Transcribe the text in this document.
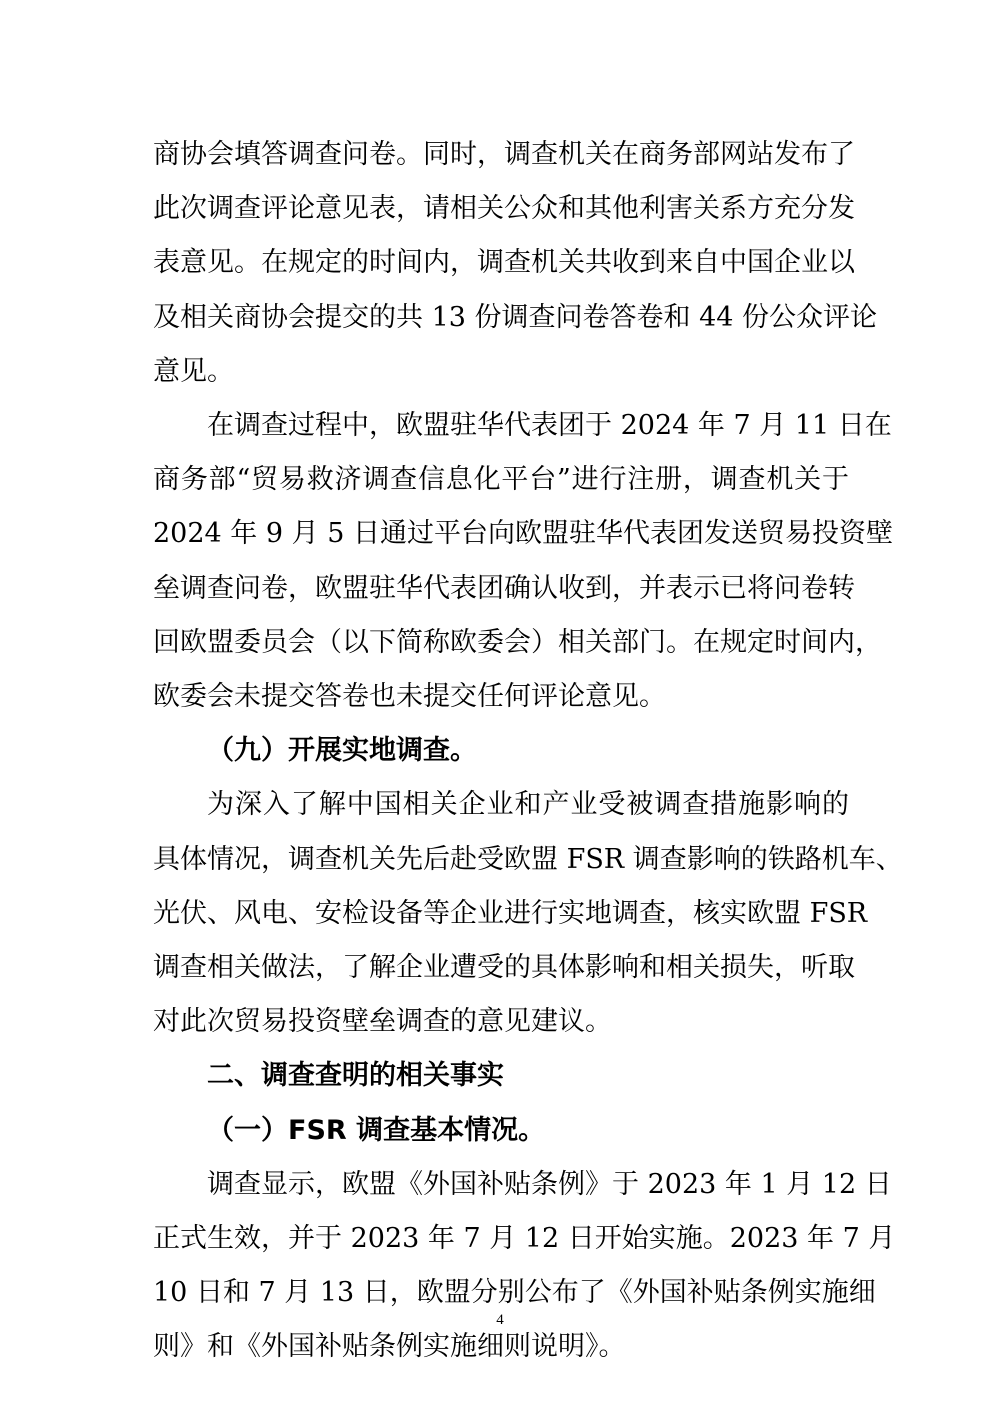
商协会填答调查问卷。同时，调查机关在商务部网站发布了
此次调查评论意见表，请相关公众和其他利害关系方充分发
表意见。在规定的时间内，调查机关共收到来自中国企业以
及相关商协会提交的共 13 份调查问卷答卷和 44 份公众评论
意见。
在调查过程中，欧盟驻华代表团于 2024 年 7 月 11 日在
商务部“贸易救济调查信息化平台”进行注册，调查机关于
2024 年 9 月 5 日通过平台向欧盟驻华代表团发送贸易投资壁
垒调查问卷，欧盟驻华代表团确认收到，并表示已将问卷转
回欧盟委员会（以下简称欧委会）相关部门。在规定时间内，
欧委会未提交答卷也未提交任何评论意见。
（九）开展实地调查。
为深入了解中国相关企业和产业受被调查措施影响的
具体情况，调查机关先后赴受欧盟 FSR 调查影响的铁路机车、
光伏、风电、安检设备等企业进行实地调查，核实欧盟 FSR
调查相关做法，了解企业遭受的具体影响和相关损失，听取
对此次贸易投资壁垒调查的意见建议。
二、调查查明的相关事实
（一）FSR 调查基本情况。
调查显示，欧盟《外国补贴条例》于 2023 年 1 月 12 日
正式生效，并于 2023 年 7 月 12 日开始实施。2023 年 7 月
10 日和 7 月 13 日，欧盟分别公布了《外国补贴条例实施细
则》和《外国补贴条例实施细则说明》。
4
